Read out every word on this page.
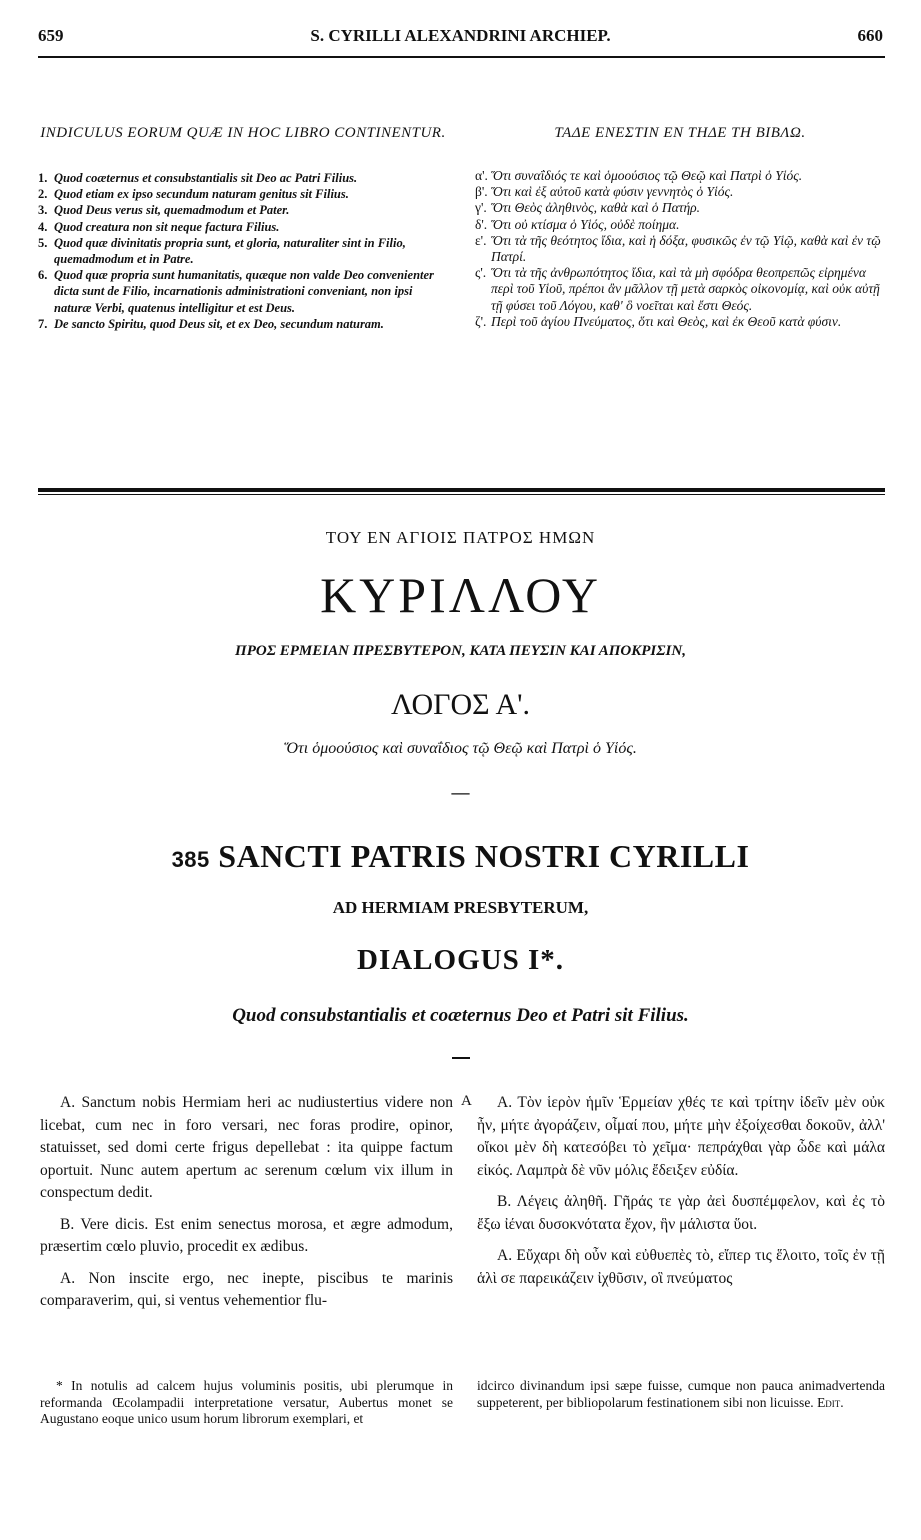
659	S. CYRILLI ALEXANDRINI ARCHIEP.	660
INDICULUS EORUM QUÆ IN HOC LIBRO CONTINENTUR.
1. Quod coæternus et consubstantialis sit Deo ac Patri Filius.
2. Quod etiam ex ipso secundum naturam genitus sit Filius.
3. Quod Deus verus sit, quemadmodum et Pater.
4. Quod creatura non sit neque factura Filius.
5. Quod quæ divinitatis propria sunt, et gloria, naturaliter sint in Filio, quemadmodum et in Patre.
6. Quod quæ propria sunt humanitatis, quæque non valde Deo convenienter dicta sunt de Filio, incarnationis administrationi conveniant, non ipsi naturæ Verbi, quatenus intelligitur et est Deus.
7. De sancto Spiritu, quod Deus sit, et ex Deo, secundum naturam.
ΤΑΔΕ ΕΝΕΣΤΙΝ ΕΝ ΤΗΔΕ ΤΗ ΒΙΒΛΩ.
α'. Ὅτι συναΐδιός τε καὶ ὁμοούσιος τῷ Θεῷ καὶ Πατρὶ ὁ Υἱός.
β'. Ὅτι καὶ ἐξ αὐτοῦ κατὰ φύσιν γεννητὸς ὁ Υἱός.
γ'. Ὅτι Θεὸς ἀληθινὸς, καθὰ καὶ ὁ Πατήρ.
δ'. Ὅτι οὐ κτίσμα ὁ Υἱός, οὐδὲ ποίημα.
ε'. Ὅτι τὰ τῆς θεότητος ἴδια, καὶ ἡ δόξα, φυσικῶς ἐν τῷ Υἱῷ, καθὰ καὶ ἐν τῷ Πατρί.
ς'. Ὅτι τὰ τῆς ἀνθρωπότητος ἴδια, καὶ τὰ μὴ σφόδρα θεοπρεπῶς εἰρημένα περὶ τοῦ Υἱοῦ, πρέποι ἂν μᾶλλον τῇ μετὰ σαρκὸς οἰκονομίᾳ, καὶ οὐκ αὐτῇ τῇ φύσει τοῦ Λόγου, καθ' ὃ νοεῖται καὶ ἔστι Θεός.
ζ'. Περὶ τοῦ ἁγίου Πνεύματος, ὅτι καὶ Θεὸς, καὶ ἐκ Θεοῦ κατὰ φύσιν.
ΤΟΥ ΕΝ ΑΓΙΟΙΣ ΠΑΤΡΟΣ ΗΜΩΝ
ΚΥΡΙΛΛΟΥ
ΠΡΟΣ ΕΡΜΕΙΑΝ ΠΡΕΣΒΥΤΕΡΟΝ, ΚΑΤΑ ΠΕΥΣΙΝ ΚΑΙ ΑΠΟΚΡΙΣΙΝ,
ΛΟΓΟΣ Α'.
Ὅτι ὁμοούσιος καὶ συναΐδιος τῷ Θεῷ καὶ Πατρὶ ὁ Υἱός.
—
385 SANCTI PATRIS NOSTRI CYRILLI
AD HERMIAM PRESBYTERUM,
DIALOGUS I*.
Quod consubstantialis et coæternus Deo et Patri sit Filius.

A. Sanctum nobis Hermiam heri ac nudiustertius videre non licebat, cum nec in foro versari, nec foras prodire, opinor, statuisset, sed domi certe frigus depellebat : ita quippe factum oportuit. Nunc autem apertum ac serenum cœlum vix illum in conspectum dedit.

B. Vere dicis. Est enim senectus morosa, et ægre admodum, præsertim cœlo pluvio, procedit ex ædibus.

A. Non inscite ergo, nec inepte, piscibus te marinis comparaverim, qui, si ventus vehementior flu-

A	Α. Τὸν ἱερὸν ἡμῖν Ἑρμείαν χθές τε καὶ τρίτην ἰδεῖν μὲν οὐκ ἦν, μήτε ἀγοράζειν, οἶμαί που, μήτε μὴν ἐξοίχεσθαι δοκοῦν, ἀλλ' οἴκοι μὲν δὴ κατεσόβει τὸ χεῖμα· πεπράχθαι γὰρ ὧδε καὶ μάλα εἰκός. Λαμπρὰ δὲ νῦν μόλις ἔδειξεν εὐδία.

Β. Λέγεις ἀληθῆ. Γῆράς τε γὰρ ἀεὶ δυσπέμφελον, καὶ ἐς τὸ ἔξω ἰέναι δυσοκνότατα ἔχον, ἣν μάλιστα ὕοι.

Α. Εὔχαρι δὴ οὖν καὶ εὐθυεπὲς τὸ, εἴπερ τις ἕλοιτο, τοῖς ἐν τῇ ἁλὶ σε παρεικάζειν ἰχθῦσιν, οἳ πνεύματος

* In notulis ad calcem hujus voluminis positis, ubi plerumque in reformanda Œcolampadii interpretatione versatur, Aubertus monet se Augustano eoque unico usum horum librorum exemplari, et

idcirco divinandum ipsi sæpe fuisse, cumque non pauca animadvertenda suppeterent, per bibliopolarum festinationem sibi non licuisse. Edit.
